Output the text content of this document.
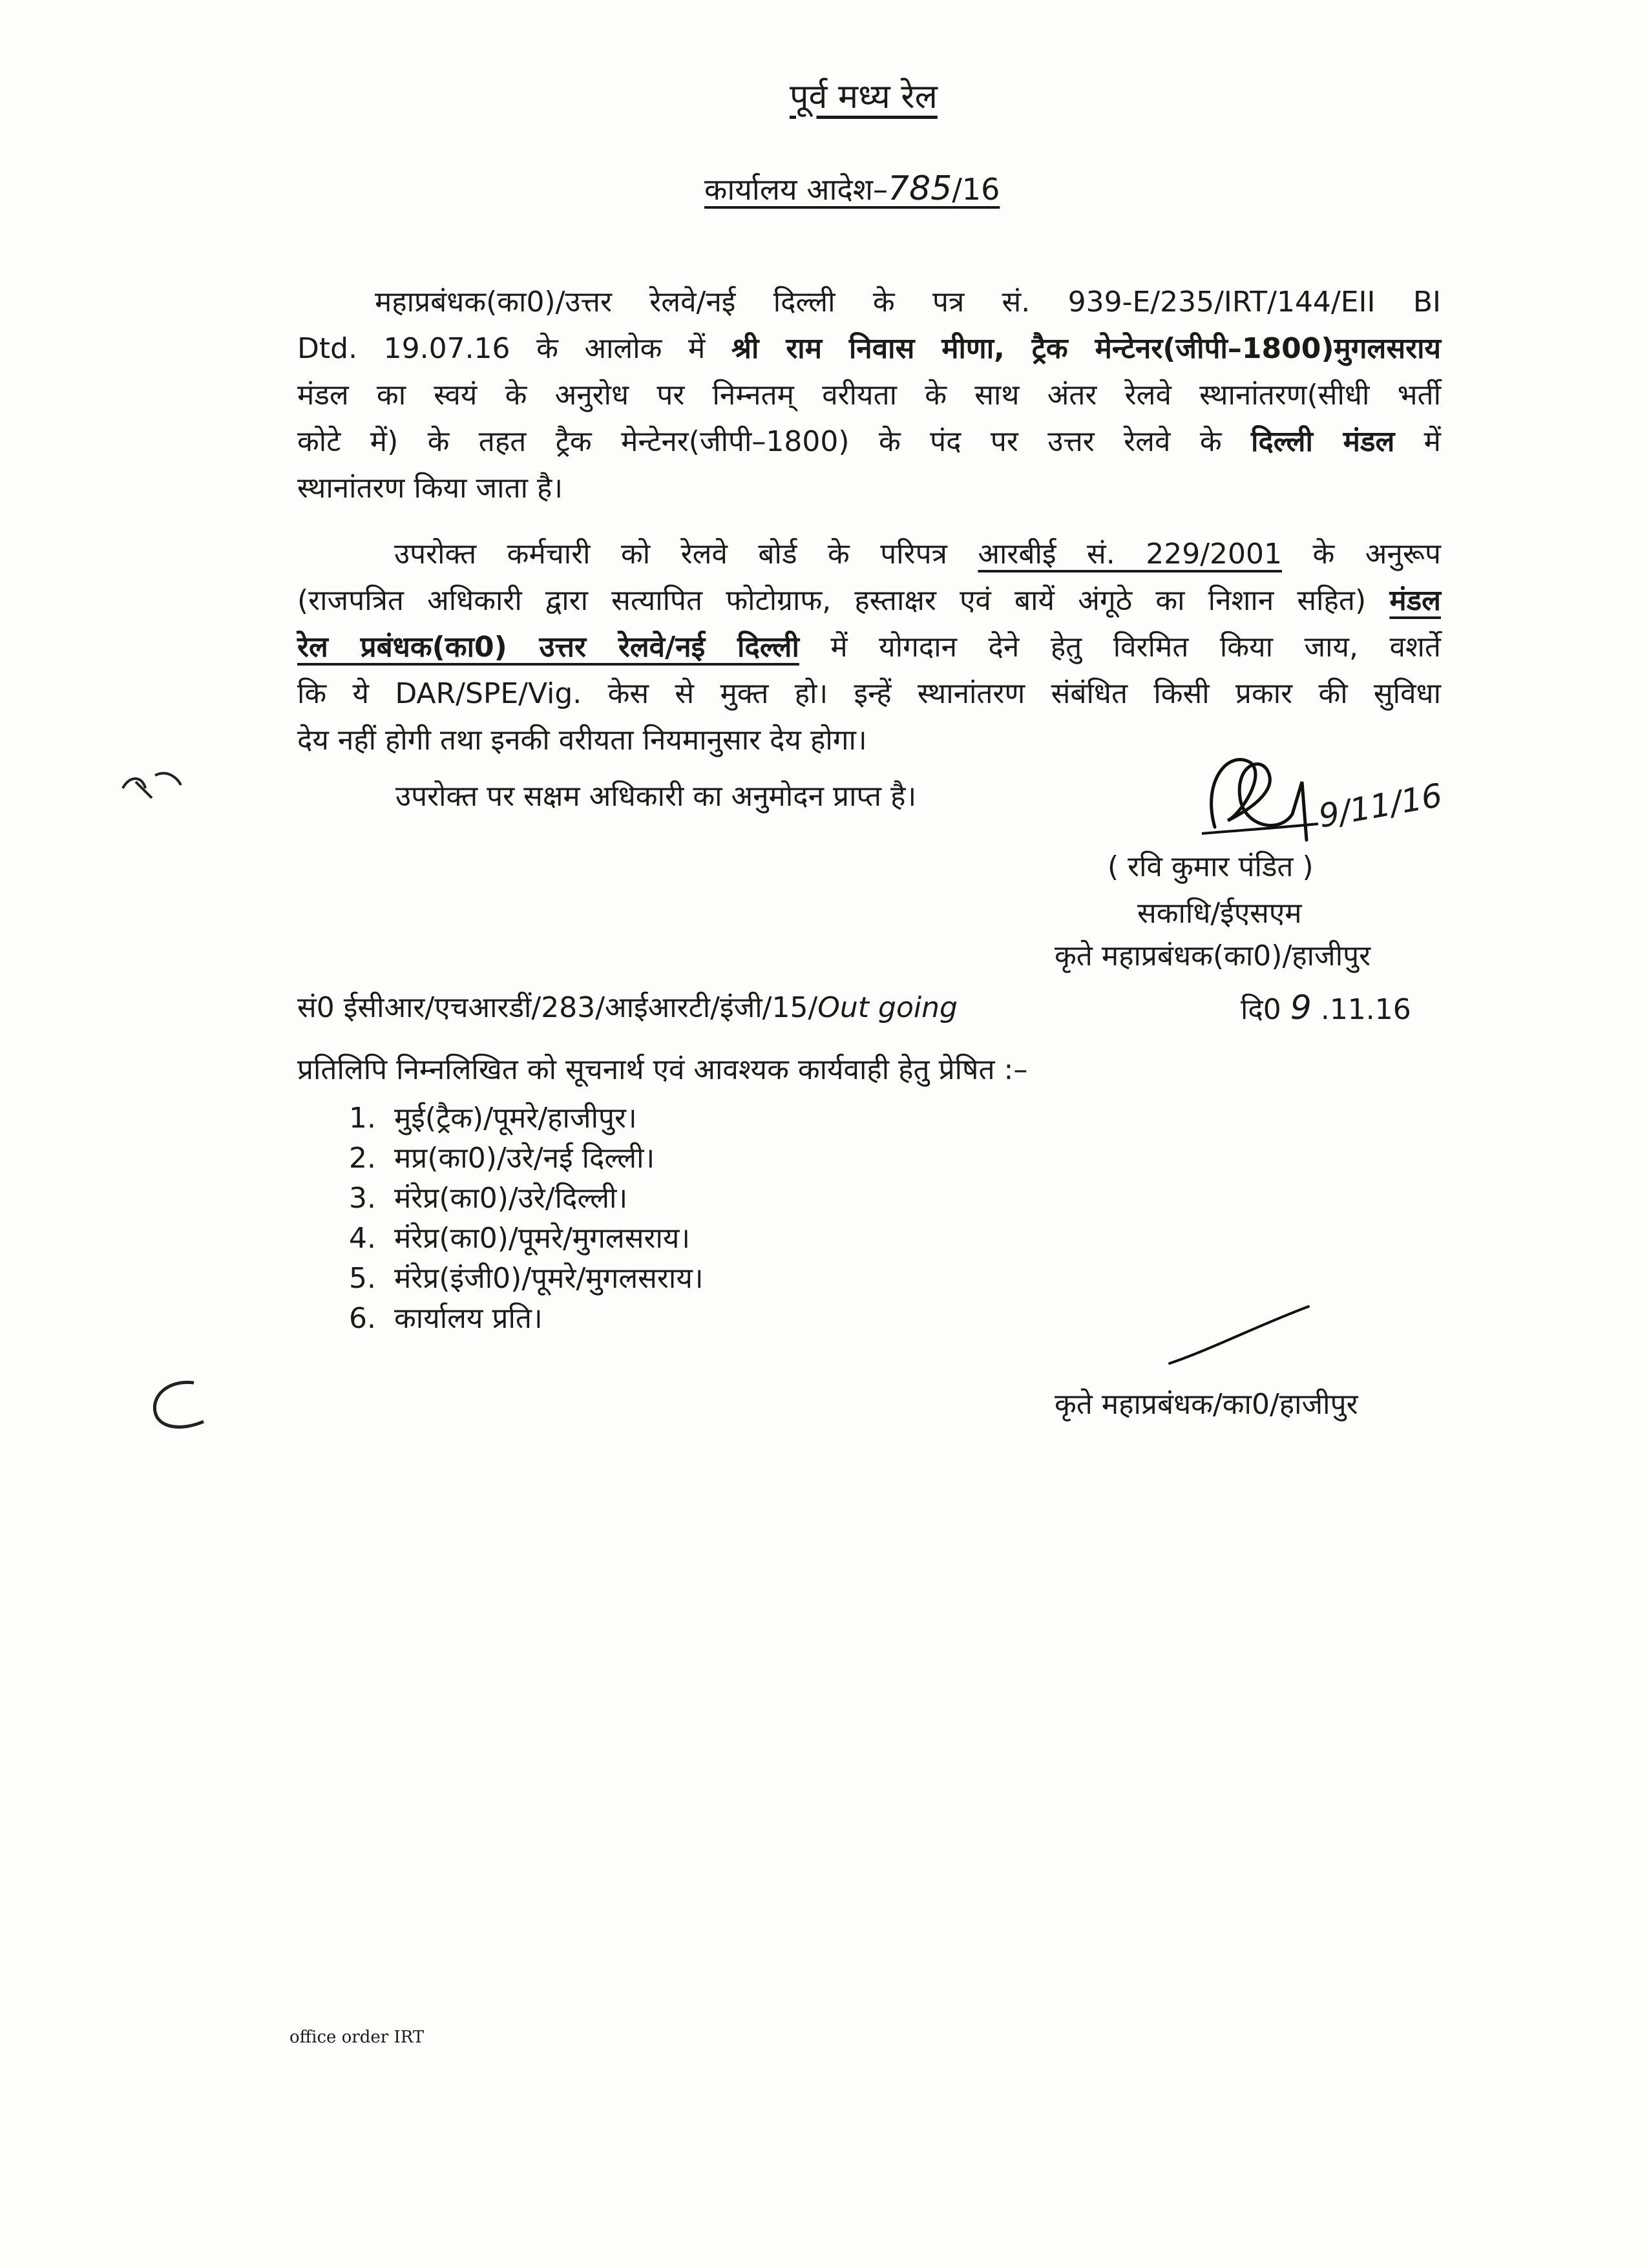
पूर्व मध्य रेल
कार्यालय आदेश–785/16
महाप्रबंधक(का0)/उत्तर रेलवे/नई दिल्ली के पत्र सं. 939-E/235/IRT/144/EII BI
Dtd. 19.07.16 के आलोक में श्री राम निवास मीणा, ट्रैक मेन्टेनर(जीपी–1800)मुगलसराय
मंडल का स्वयं के अनुरोध पर निम्नतम् वरीयता के साथ अंतर रेलवे स्थानांतरण(सीधी भर्ती
कोटे में) के तहत ट्रैक मेन्टेनर(जीपी–1800) के पंद पर उत्तर रेलवे के दिल्ली मंडल में
स्थानांतरण किया जाता है।
उपरोक्त कर्मचारी को रेलवे बोर्ड के परिपत्र आरबीई सं. 229/2001 के अनुरूप
(राजपत्रित अधिकारी द्वारा सत्यापित फोटोग्राफ, हस्ताक्षर एवं बायें अंगूठे का निशान सहित) मंडल
रेल प्रबंधक(का0) उत्तर रेलवे/नई दिल्ली में योगदान देने हेतु विरमित किया जाय, वशर्ते
कि ये DAR/SPE/Vig. केस से मुक्त हो। इन्हें स्थानांतरण संबंधित किसी प्रकार की सुविधा
देय नहीं होगी तथा इनकी वरीयता नियमानुसार देय होगा।
उपरोक्त पर सक्षम अधिकारी का अनुमोदन प्राप्त है।	9/11/16
( रवि कुमार पंडित )
सकाधि/ईएसएम
कृते महाप्रबंधक(का0)/हाजीपुर
सं0 ईसीआर/एचआरडीं/283/आईआरटी/इंजी/15/Out going	दि0 9 .11.16
प्रतिलिपि निम्नलिखित को सूचनार्थ एवं आवश्यक कार्यवाही हेतु प्रेषित :–
1. मुई(ट्रैक)/पूमरे/हाजीपुर।
2. मप्र(का0)/उरे/नई दिल्ली।
3. मंरेप्र(का0)/उरे/दिल्ली।
4. मंरेप्र(का0)/पूमरे/मुगलसराय।
5. मंरेप्र(इंजी0)/पूमरे/मुगलसराय।
6. कार्यालय प्रति।
कृते महाप्रबंधक/का0/हाजीपुर
office order IRT
